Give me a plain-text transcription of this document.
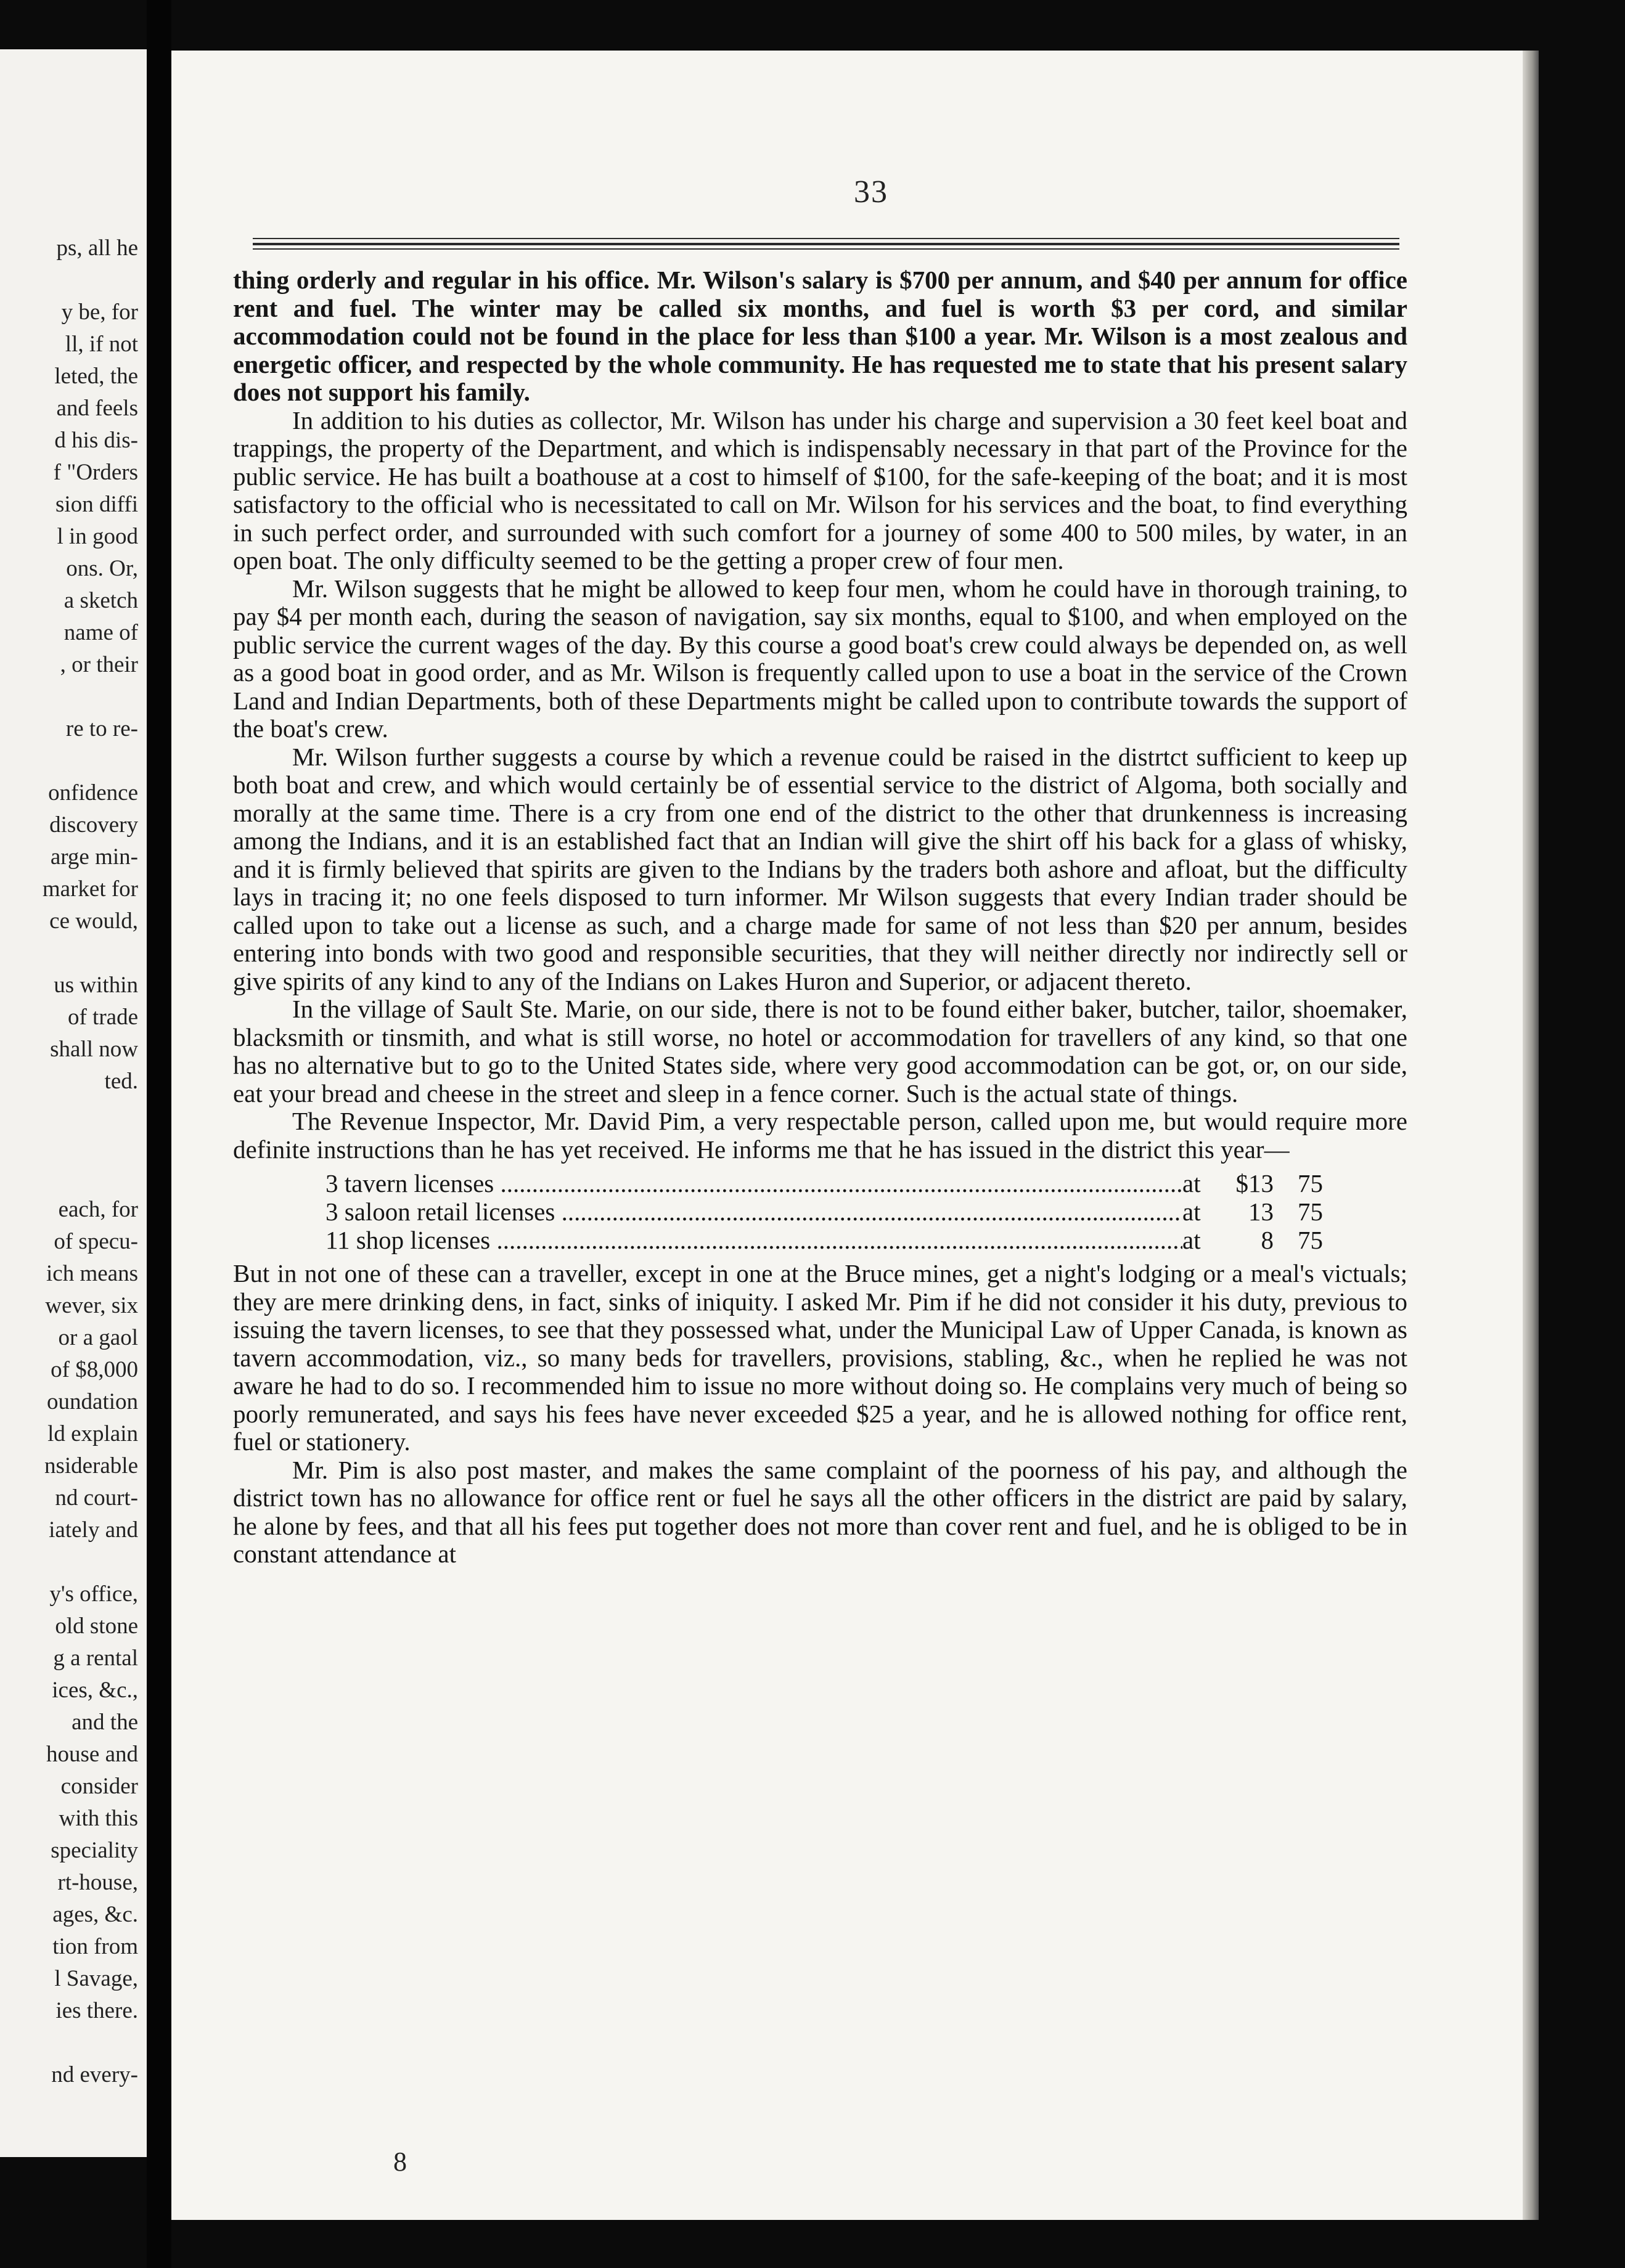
ps, all he
y be, for
ll, if not
leted, the
and feels
d his dis-
f "Orders
sion diffi
l in good
ons. Or,
a sketch
name of
, or their
re to re-
onfidence
discovery
arge min-
market for
ce would,
us within
of trade
shall now
ted.
each, for
of specu-
ich means
wever, six
or a gaol
of $8,000
oundation
ld explain
nsiderable
nd court-
iately and
y's office,
old stone
g a rental
ices, &c.,
and the
house and
consider
with this
speciality
rt-house,
ages, &c.
tion from
l Savage,
ies there.
nd every-
33

thing orderly and regular in his office. Mr. Wilson's salary is $700 per annum, and $40 per annum for office rent and fuel. The winter may be called six months, and fuel is worth $3 per cord, and similar accommodation could not be found in the place for less than $100 a year. Mr. Wilson is a most zealous and energetic officer, and respected by the whole community. He has requested me to state that his present salary does not support his family.

In addition to his duties as collector, Mr. Wilson has under his charge and supervision a 30 feet keel boat and trappings, the property of the Department, and which is indispensably necessary in that part of the Province for the public service. He has built a boathouse at a cost to himself of $100, for the safe-keeping of the boat; and it is most satisfactory to the official who is necessitated to call on Mr. Wilson for his services and the boat, to find everything in such perfect order, and surrounded with such comfort for a journey of some 400 to 500 miles, by water, in an open boat. The only difficulty seemed to be the getting a proper crew of four men.

Mr. Wilson suggests that he might be allowed to keep four men, whom he could have in thorough training, to pay $4 per month each, during the season of navigation, say six months, equal to $100, and when employed on the public service the current wages of the day. By this course a good boat's crew could always be depended on, as well as a good boat in good order, and as Mr. Wilson is frequently called upon to use a boat in the service of the Crown Land and Indian Departments, both of these Departments might be called upon to contribute towards the support of the boat's crew.

Mr. Wilson further suggests a course by which a revenue could be raised in the distrtct sufficient to keep up both boat and crew, and which would certainly be of essential service to the district of Algoma, both socially and morally at the same time. There is a cry from one end of the district to the other that drunkenness is increasing among the Indians, and it is an established fact that an Indian will give the shirt off his back for a glass of whisky, and it is firmly believed that spirits are given to the Indians by the traders both ashore and afloat, but the difficulty lays in tracing it; no one feels disposed to turn informer. Mr Wilson suggests that every Indian trader should be called upon to take out a license as such, and a charge made for same of not less than $20 per annum, besides entering into bonds with two good and responsible securities, that they will neither directly nor indirectly sell or give spirits of any kind to any of the Indians on Lakes Huron and Superior, or adjacent thereto.

In the village of Sault Ste. Marie, on our side, there is not to be found either baker, butcher, tailor, shoemaker, blacksmith or tinsmith, and what is still worse, no hotel or accommodation for travellers of any kind, so that one has no alternative but to go to the United States side, where very good accommodation can be got, or, on our side, eat your bread and cheese in the street and sleep in a fence corner. Such is the actual state of things.

The Revenue Inspector, Mr. David Pim, a very respectable person, called upon me, but would require more definite instructions than he has yet received. He informs me that he has issued in the district this year—

3 tavern licenses .....	at	$13 75
3 saloon retail licenses .....	at	13 75
11 shop licenses .....	at	8 75

But in not one of these can a traveller, except in one at the Bruce mines, get a night's lodging or a meal's victuals; they are mere drinking dens, in fact, sinks of iniquity. I asked Mr. Pim if he did not consider it his duty, previous to issuing the tavern licenses, to see that they possessed what, under the Municipal Law of Upper Canada, is known as tavern accommodation, viz., so many beds for travellers, provisions, stabling, &c., when he replied he was not aware he had to do so. I recommended him to issue no more without doing so. He complains very much of being so poorly remunerated, and says his fees have never exceeded $25 a year, and he is allowed nothing for office rent, fuel or stationery.

Mr. Pim is also post master, and makes the same complaint of the poorness of his pay, and although the district town has no allowance for office rent or fuel he says all the other officers in the district are paid by salary, he alone by fees, and that all his fees put together does not more than cover rent and fuel, and he is obliged to be in constant attendance at

8
